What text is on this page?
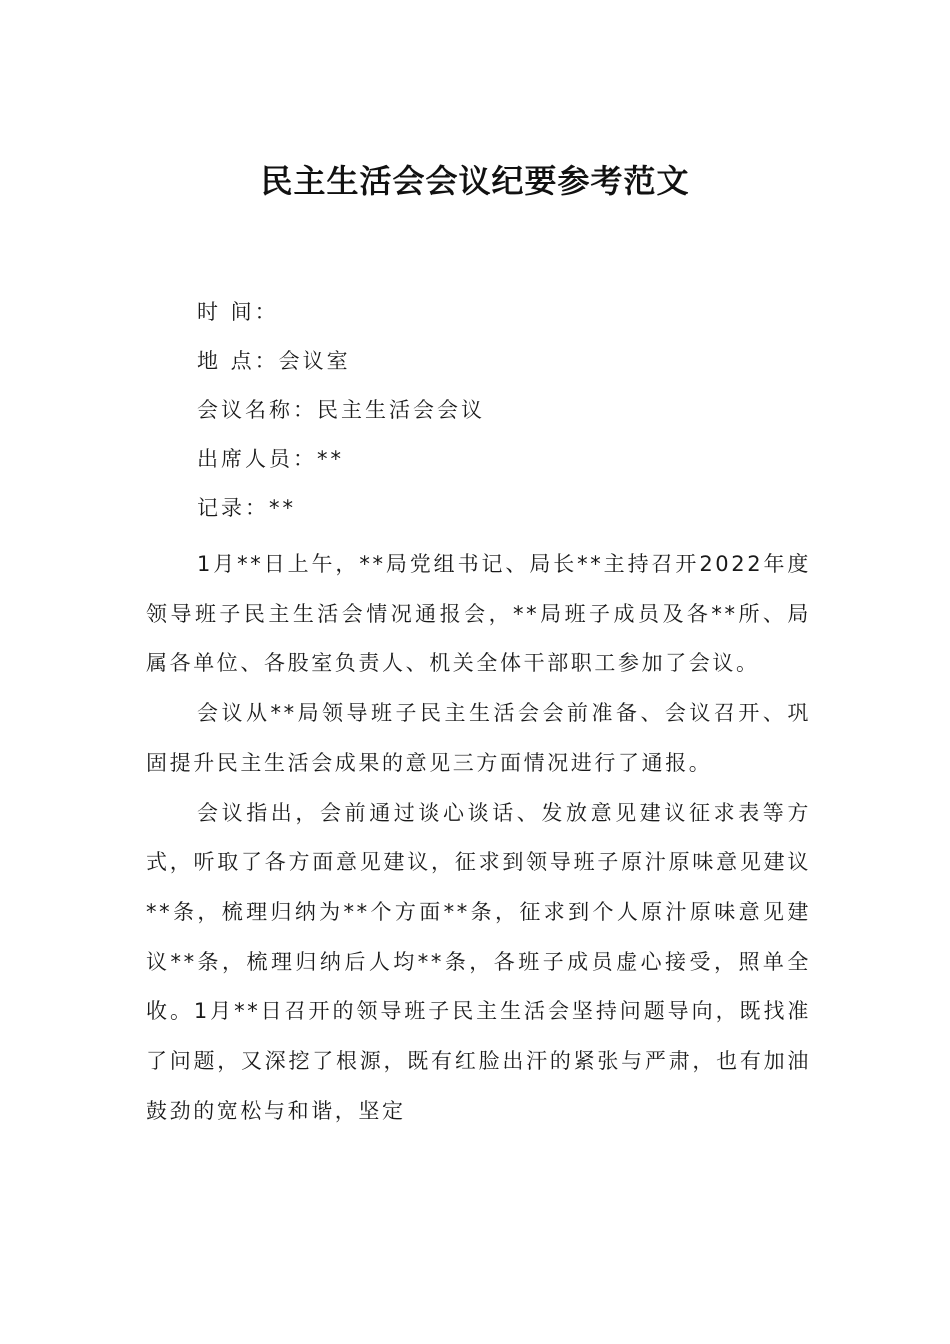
民主生活会会议纪要参考范文

时 间：

地 点：会议室

会议名称：民主生活会会议

出席人员：**

记录：**

1月**日上午，**局党组书记、局长**主持召开2022年度领导班子民主生活会情况通报会，**局班子成员及各**所、局属各单位、各股室负责人、机关全体干部职工参加了会议。

会议从**局领导班子民主生活会会前准备、会议召开、巩固提升民主生活会成果的意见三方面情况进行了通报。

会议指出，会前通过谈心谈话、发放意见建议征求表等方式，听取了各方面意见建议，征求到领导班子原汁原味意见建议**条，梳理归纳为**个方面**条，征求到个人原汁原味意见建议**条，梳理归纳后人均**条，各班子成员虚心接受，照单全收。1月**日召开的领导班子民主生活会坚持问题导向，既找准了问题，又深挖了根源，既有红脸出汗的紧张与严肃，也有加油鼓劲的宽松与和谐，坚定
